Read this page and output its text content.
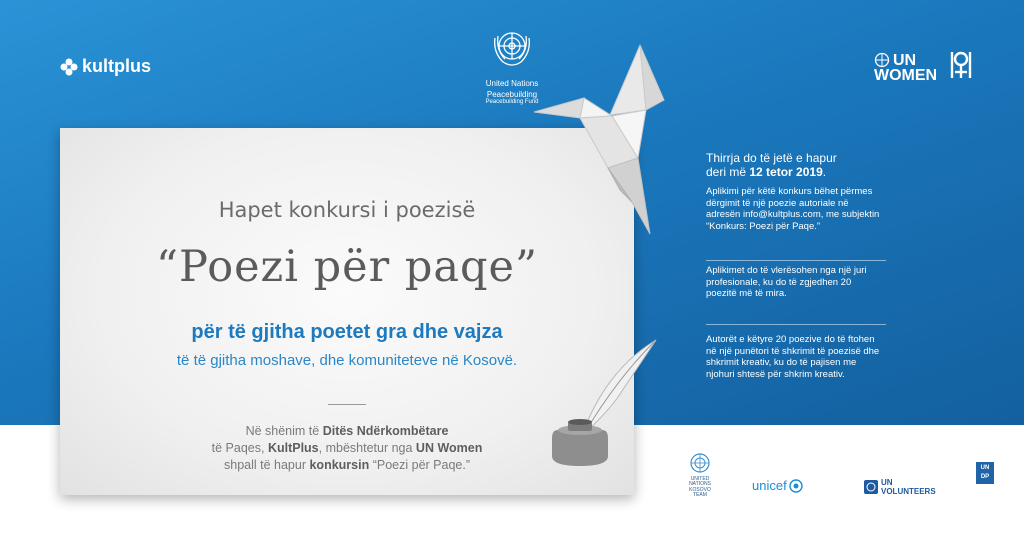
kultplus
United Nations
Peacebuilding
Peacebuilding Fund
UN
WOMEN
Hapet konkursi i poezisë
“Poezi për paqe”
për të gjitha poetet gra dhe vajza
të të gjitha moshave, dhe komuniteteve në Kosovë.
Në shënim të Ditës Ndërkombëtare
të Paqes, KultPlus, mbështetur nga UN Women
shpall të hapur konkursin “Poezi për Paqe.”
Thirrja do të jetë e hapur
deri më 12 tetor 2019.
Aplikimi për këtë konkurs bëhet përmes dërgimit të një poezie autoriale në adresën info@kultplus.com, me subjektin “Konkurs: Poezi për Paqe.”
Aplikimet do të vlerësohen nga një juri profesionale, ku do të zgjedhen 20 poezitë më të mira.
Autorët e këtyre 20 poezive do të ftohen në një punëtori të shkrimit të poezisë dhe shkrimit kreativ, ku do të pajisen me njohuri shtesë për shkrim kreativ.
UNITED
NATIONS
KOSOVO
TEAM
unicef	UN
VOLUNTEERS
UN
DP
